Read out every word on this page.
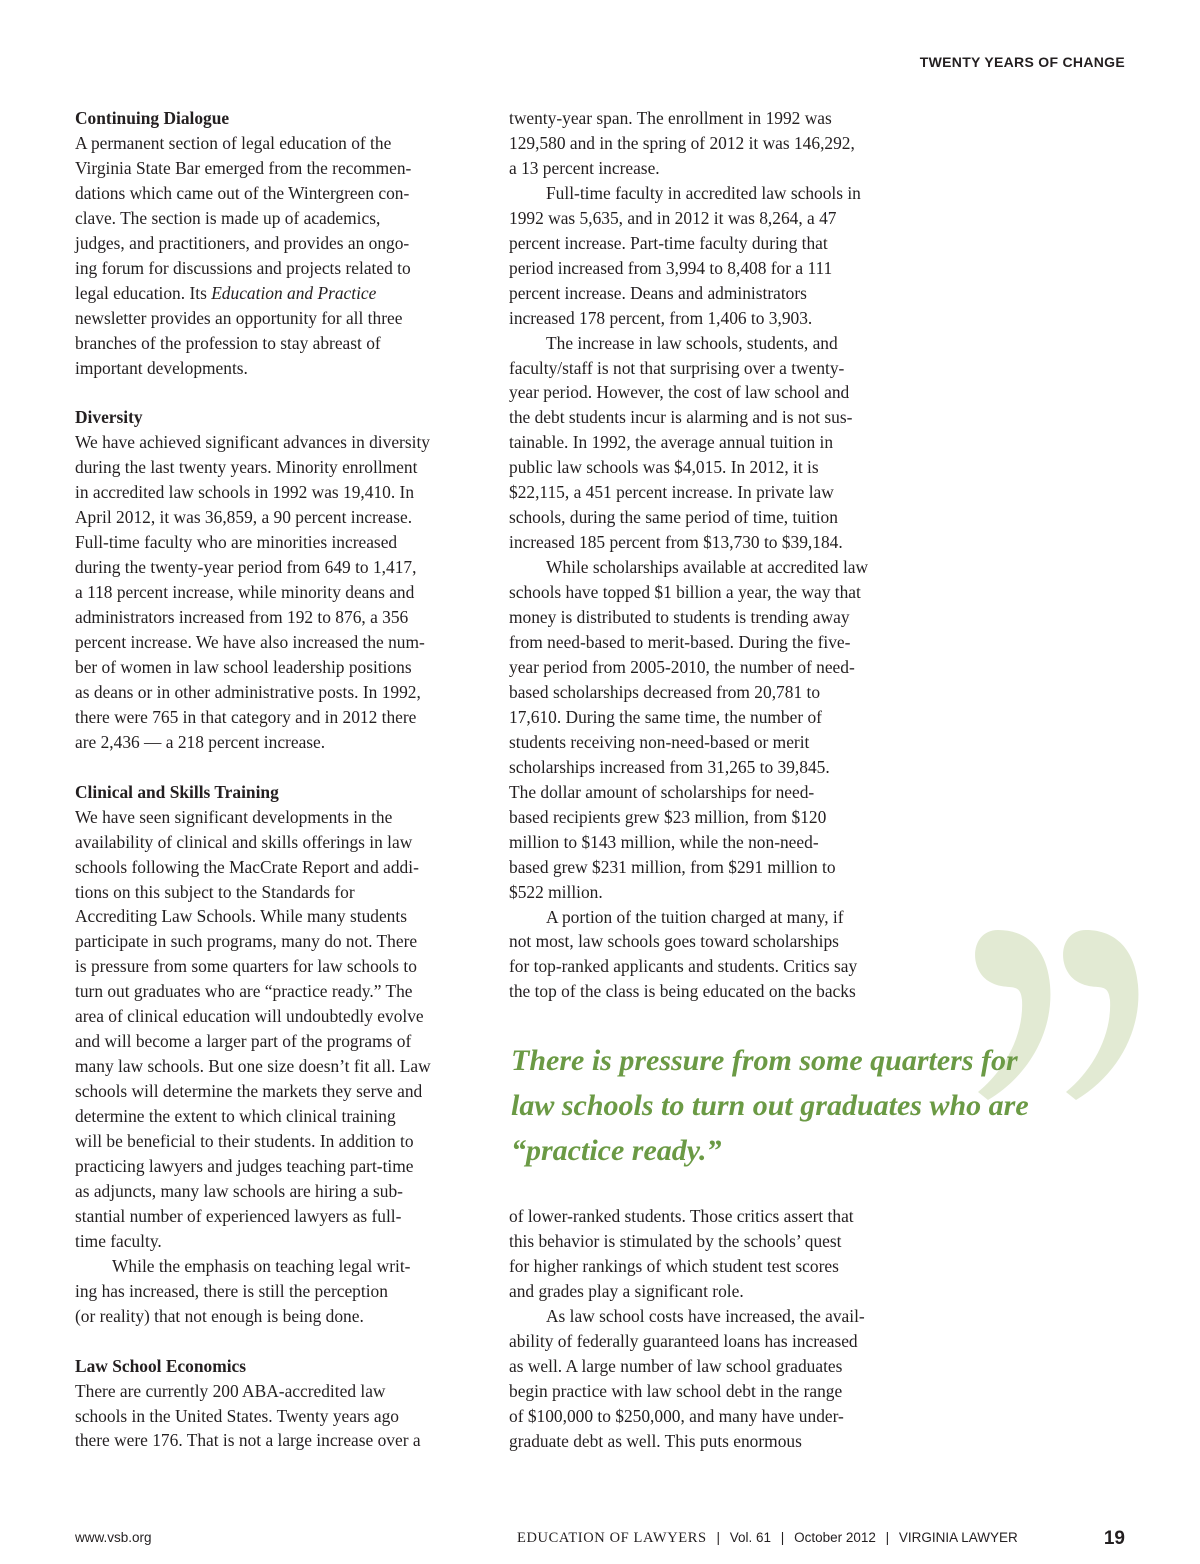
TWENTY YEARS OF CHANGE
Continuing Dialogue

A permanent section of legal education of the
Virginia State Bar emerged from the recommen-
dations which came out of the Wintergreen con-
clave. The section is made up of academics,
judges, and practitioners, and provides an ongo-
ing forum for discussions and projects related to
legal education. Its Education and Practice
newsletter provides an opportunity for all three
branches of the profession to stay abreast of
important developments.

Diversity

We have achieved significant advances in diversity
during the last twenty years. Minority enrollment
in accredited law schools in 1992 was 19,410. In
April 2012, it was 36,859, a 90 percent increase.
Full-time faculty who are minorities increased
during the twenty-year period from 649 to 1,417,
a 118 percent increase, while minority deans and
administrators increased from 192 to 876, a 356
percent increase. We have also increased the num-
ber of women in law school leadership positions
as deans or in other administrative posts. In 1992,
there were 765 in that category and in 2012 there
are 2,436 — a 218 percent increase.

Clinical and Skills Training

We have seen significant developments in the
availability of clinical and skills offerings in law
schools following the MacCrate Report and addi-
tions on this subject to the Standards for
Accrediting Law Schools. While many students
participate in such programs, many do not. There
is pressure from some quarters for law schools to
turn out graduates who are “practice ready.” The
area of clinical education will undoubtedly evolve
and will become a larger part of the programs of
many law schools. But one size doesn’t fit all. Law
schools will determine the markets they serve and
determine the extent to which clinical training
will be beneficial to their students. In addition to
practicing lawyers and judges teaching part-time
as adjuncts, many law schools are hiring a sub-
stantial number of experienced lawyers as full-
time faculty.

While the emphasis on teaching legal writ-
ing has increased, there is still the perception
(or reality) that not enough is being done.

Law School Economics

There are currently 200 ABA-accredited law
schools in the United States. Twenty years ago
there were 176. That is not a large increase over a

twenty-year span. The enrollment in 1992 was
129,580 and in the spring of 2012 it was 146,292,
a 13 percent increase.

Full-time faculty in accredited law schools in
1992 was 5,635, and in 2012 it was 8,264, a 47
percent increase. Part-time faculty during that
period increased from 3,994 to 8,408 for a 111
percent increase. Deans and administrators
increased 178 percent, from 1,406 to 3,903.

The increase in law schools, students, and
faculty/staff is not that surprising over a twenty-
year period. However, the cost of law school and
the debt students incur is alarming and is not sus-
tainable. In 1992, the average annual tuition in
public law schools was $4,015. In 2012, it is
$22,115, a 451 percent increase. In private law
schools, during the same period of time, tuition
increased 185 percent from $13,730 to $39,184.

While scholarships available at accredited law
schools have topped $1 billion a year, the way that
money is distributed to students is trending away
from need-based to merit-based. During the five-
year period from 2005-2010, the number of need-
based scholarships decreased from 20,781 to
17,610. During the same time, the number of
students receiving non-need-based or merit
scholarships increased from 31,265 to 39,845.
The dollar amount of scholarships for need-
based recipients grew $23 million, from $120
million to $143 million, while the non-need-
based grew $231 million, from $291 million to
$522 million.

A portion of the tuition charged at many, if
not most, law schools goes toward scholarships
for top-ranked applicants and students. Critics say
the top of the class is being educated on the backs

There is pressure from some quarters for
law schools to turn out graduates who are
“practice ready.”

of lower-ranked students. Those critics assert that
this behavior is stimulated by the schools’ quest
for higher rankings of which student test scores
and grades play a significant role.

As law school costs have increased, the avail-
ability of federally guaranteed loans has increased
as well. A large number of law school graduates
begin practice with law school debt in the range
of $100,000 to $250,000, and many have under-
graduate debt as well. This puts enormous

www.vsb.org	EDUCATION OF LAWYERS | Vol. 61 | October 2012 | VIRGINIA LAWYER	19
